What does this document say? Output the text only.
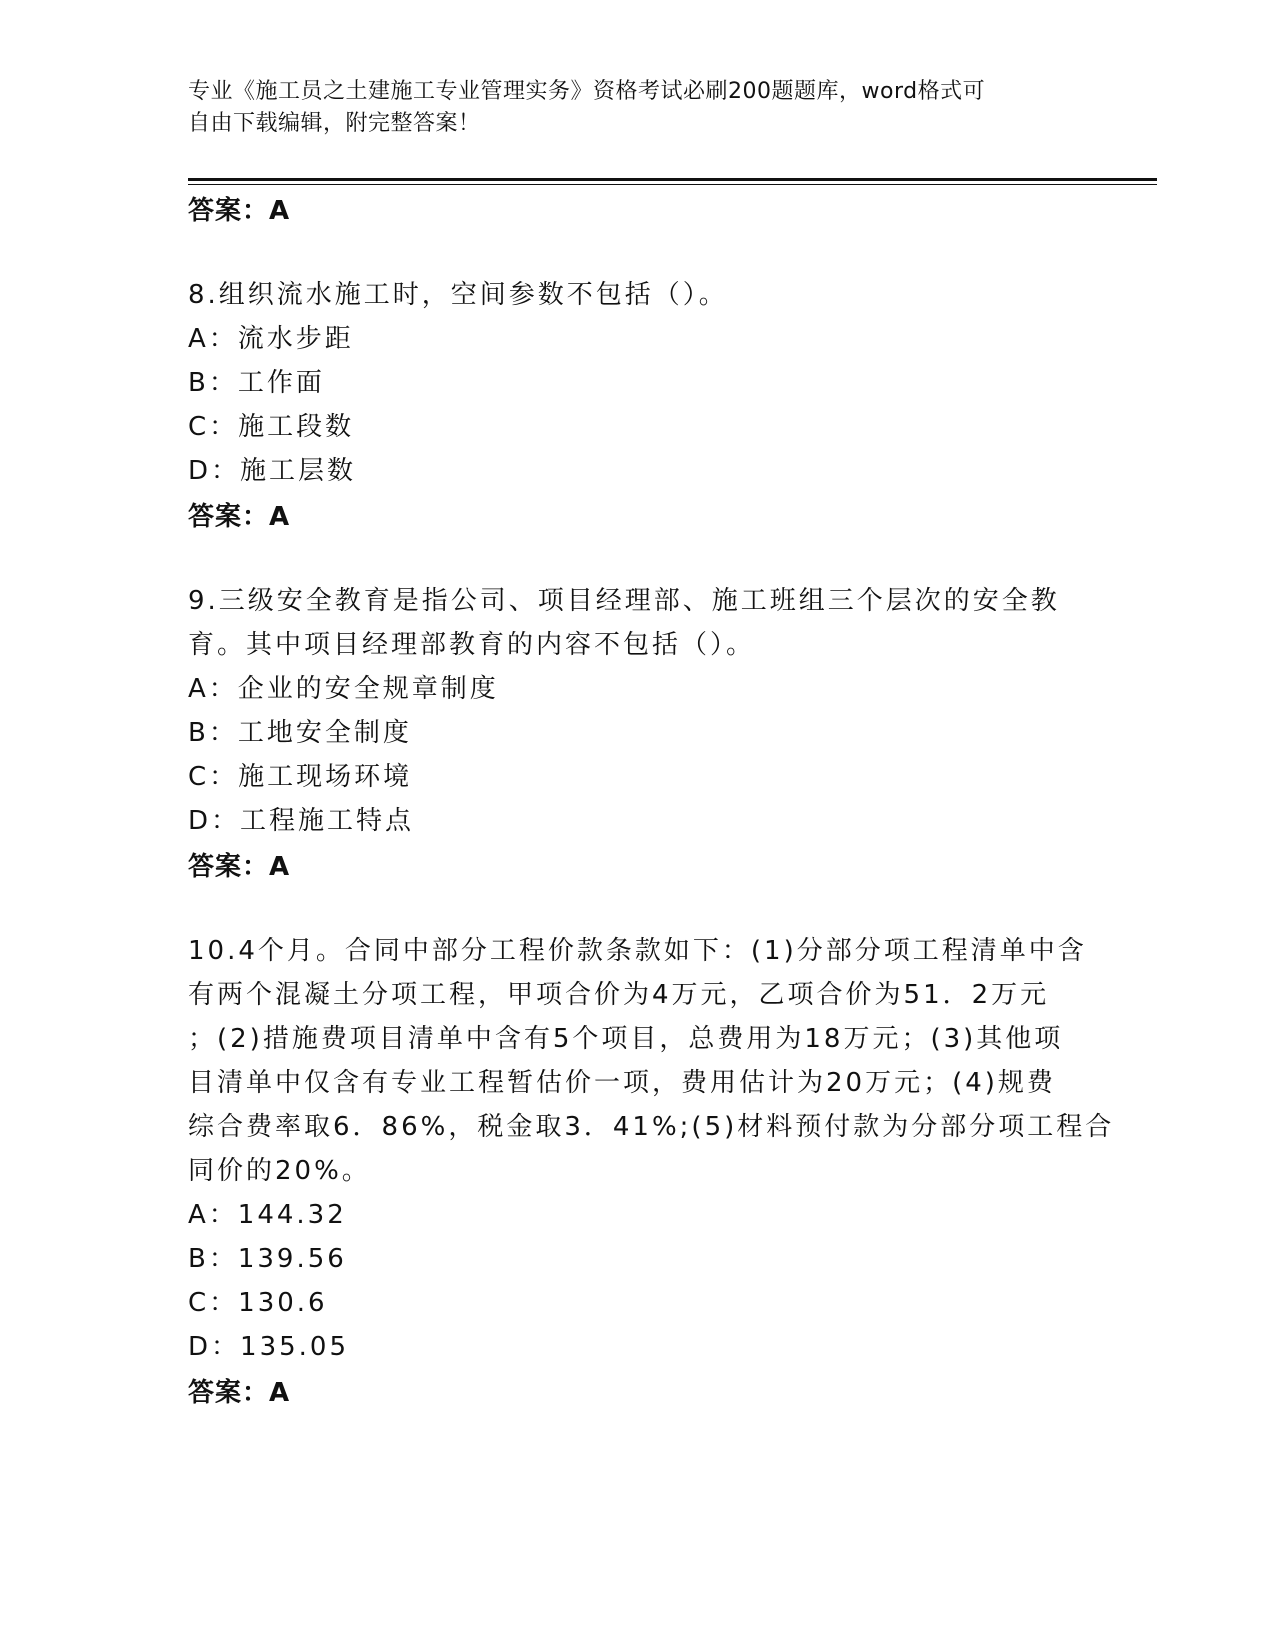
专业《施工员之土建施工专业管理实务》资格考试必刷200题题库，word格式可
自由下载编辑，附完整答案！
答案：A
8.组织流水施工时，空间参数不包括（）。
A：流水步距
B：工作面
C：施工段数
D：施工层数
答案：A
9.三级安全教育是指公司、项目经理部、施工班组三个层次的安全教
育。其中项目经理部教育的内容不包括（）。
A：企业的安全规章制度
B：工地安全制度
C：施工现场环境
D：工程施工特点
答案：A
10.4个月。合同中部分工程价款条款如下：(1)分部分项工程清单中含
有两个混凝土分项工程，甲项合价为4万元，乙项合价为51．2万元
；(2)措施费项目清单中含有5个项目，总费用为18万元；(3)其他项
目清单中仅含有专业工程暂估价一项，费用估计为20万元；(4)规费
综合费率取6．86%，税金取3．41%;(5)材料预付款为分部分项工程合
同价的20%。
A：144.32
B：139.56
C：130.6
D：135.05
答案：A
